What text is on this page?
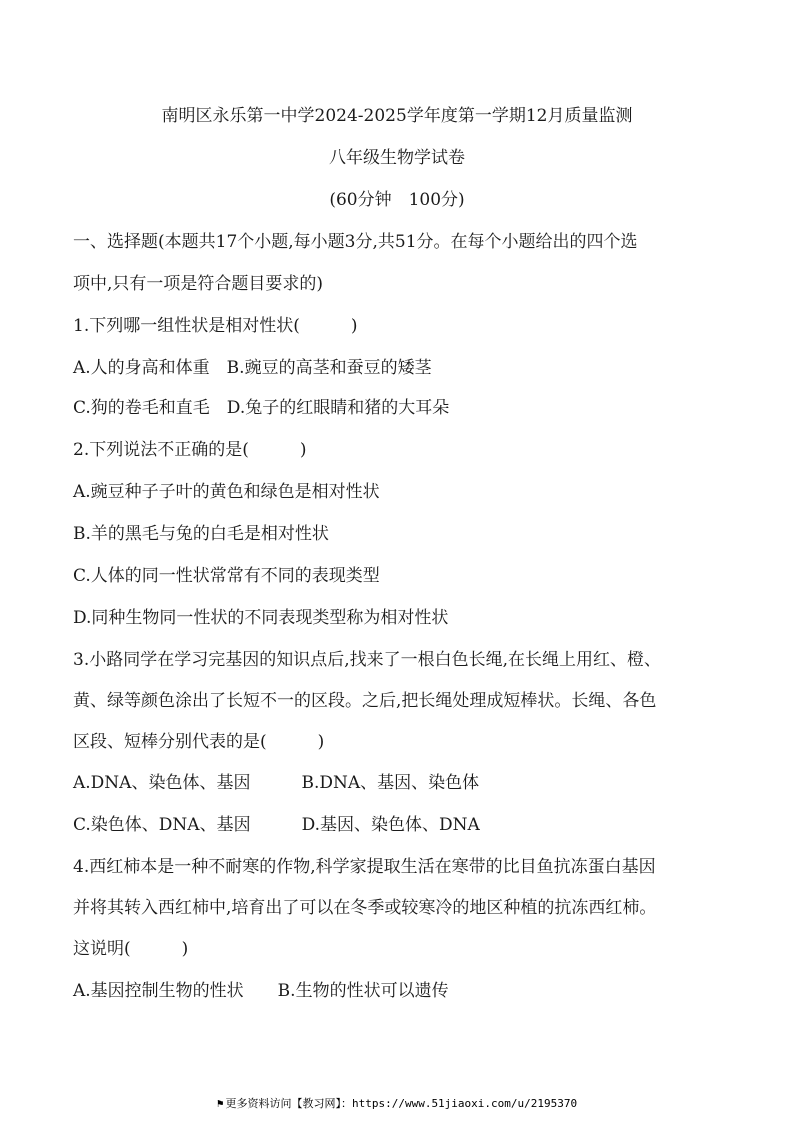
南明区永乐第一中学2024-2025学年度第一学期12月质量监测
八年级生物学试卷
(60分钟　100分)
一、选择题(本题共17个小题,每小题3分,共51分。在每个小题给出的四个选
项中,只有一项是符合题目要求的)
1.下列哪一组性状是相对性状(　　　)
A.人的身高和体重　B.豌豆的高茎和蚕豆的矮茎
C.狗的卷毛和直毛　D.兔子的红眼睛和猪的大耳朵
2.下列说法不正确的是(　　　)
A.豌豆种子子叶的黄色和绿色是相对性状
B.羊的黑毛与兔的白毛是相对性状
C.人体的同一性状常常有不同的表现类型
D.同种生物同一性状的不同表现类型称为相对性状
3.小路同学在学习完基因的知识点后,找来了一根白色长绳,在长绳上用红、橙、
黄、绿等颜色涂出了长短不一的区段。之后,把长绳处理成短棒状。长绳、各色
区段、短棒分别代表的是(　　　)
A.DNA、染色体、基因　　　B.DNA、基因、染色体
C.染色体、DNA、基因　　　D.基因、染色体、DNA
4.西红柿本是一种不耐寒的作物,科学家提取生活在寒带的比目鱼抗冻蛋白基因
并将其转入西红柿中,培育出了可以在冬季或较寒冷的地区种植的抗冻西红柿。
这说明(　　　)
A.基因控制生物的性状　　B.生物的性状可以遗传
⚑ 更多资料访问【教习网】：https://www.51jiaoxi.com/u/2195370
